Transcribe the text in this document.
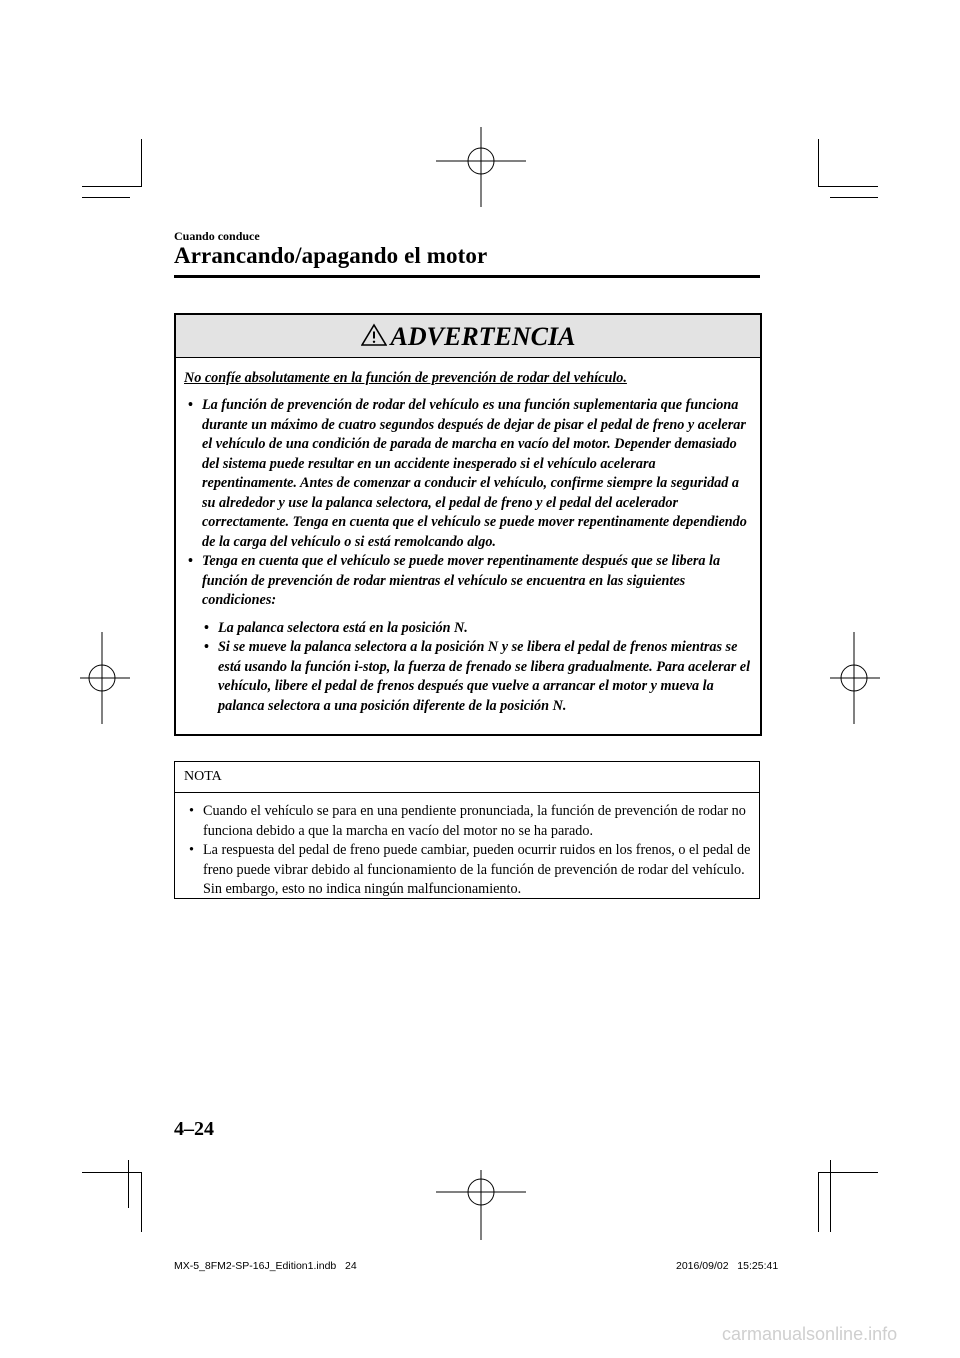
Cuando conduce
Arrancando/apagando el motor
ADVERTENCIA
No confíe absolutamente en la función de prevención de rodar del vehículo.
• La función de prevención de rodar del vehículo es una función suplementaria que funciona durante un máximo de cuatro segundos después de dejar de pisar el pedal de freno y acelerar el vehículo de una condición de parada de marcha en vacío del motor. Depender demasiado del sistema puede resultar en un accidente inesperado si el vehículo acelerara repentinamente. Antes de comenzar a conducir el vehículo, confirme siempre la seguridad a su alrededor y use la palanca selectora, el pedal de freno y el pedal del acelerador correctamente. Tenga en cuenta que el vehículo se puede mover repentinamente dependiendo de la carga del vehículo o si está remolcando algo.
• Tenga en cuenta que el vehículo se puede mover repentinamente después que se libera la función de prevención de rodar mientras el vehículo se encuentra en las siguientes condiciones:
• La palanca selectora está en la posición N.
• Si se mueve la palanca selectora a la posición N y se libera el pedal de frenos mientras se está usando la función i-stop, la fuerza de frenado se libera gradualmente. Para acelerar el vehículo, libere el pedal de frenos después que vuelve a arrancar el motor y mueva la palanca selectora a una posición diferente de la posición N.
NOTA
• Cuando el vehículo se para en una pendiente pronunciada, la función de prevención de rodar no funciona debido a que la marcha en vacío del motor no se ha parado.
• La respuesta del pedal de freno puede cambiar, pueden ocurrir ruidos en los frenos, o el pedal de freno puede vibrar debido al funcionamiento de la función de prevención de rodar del vehículo. Sin embargo, esto no indica ningún malfuncionamiento.
4–24
MX-5_8FM2-SP-16J_Edition1.indb   24	2016/09/02   15:25:41
carmanualsonline.info
